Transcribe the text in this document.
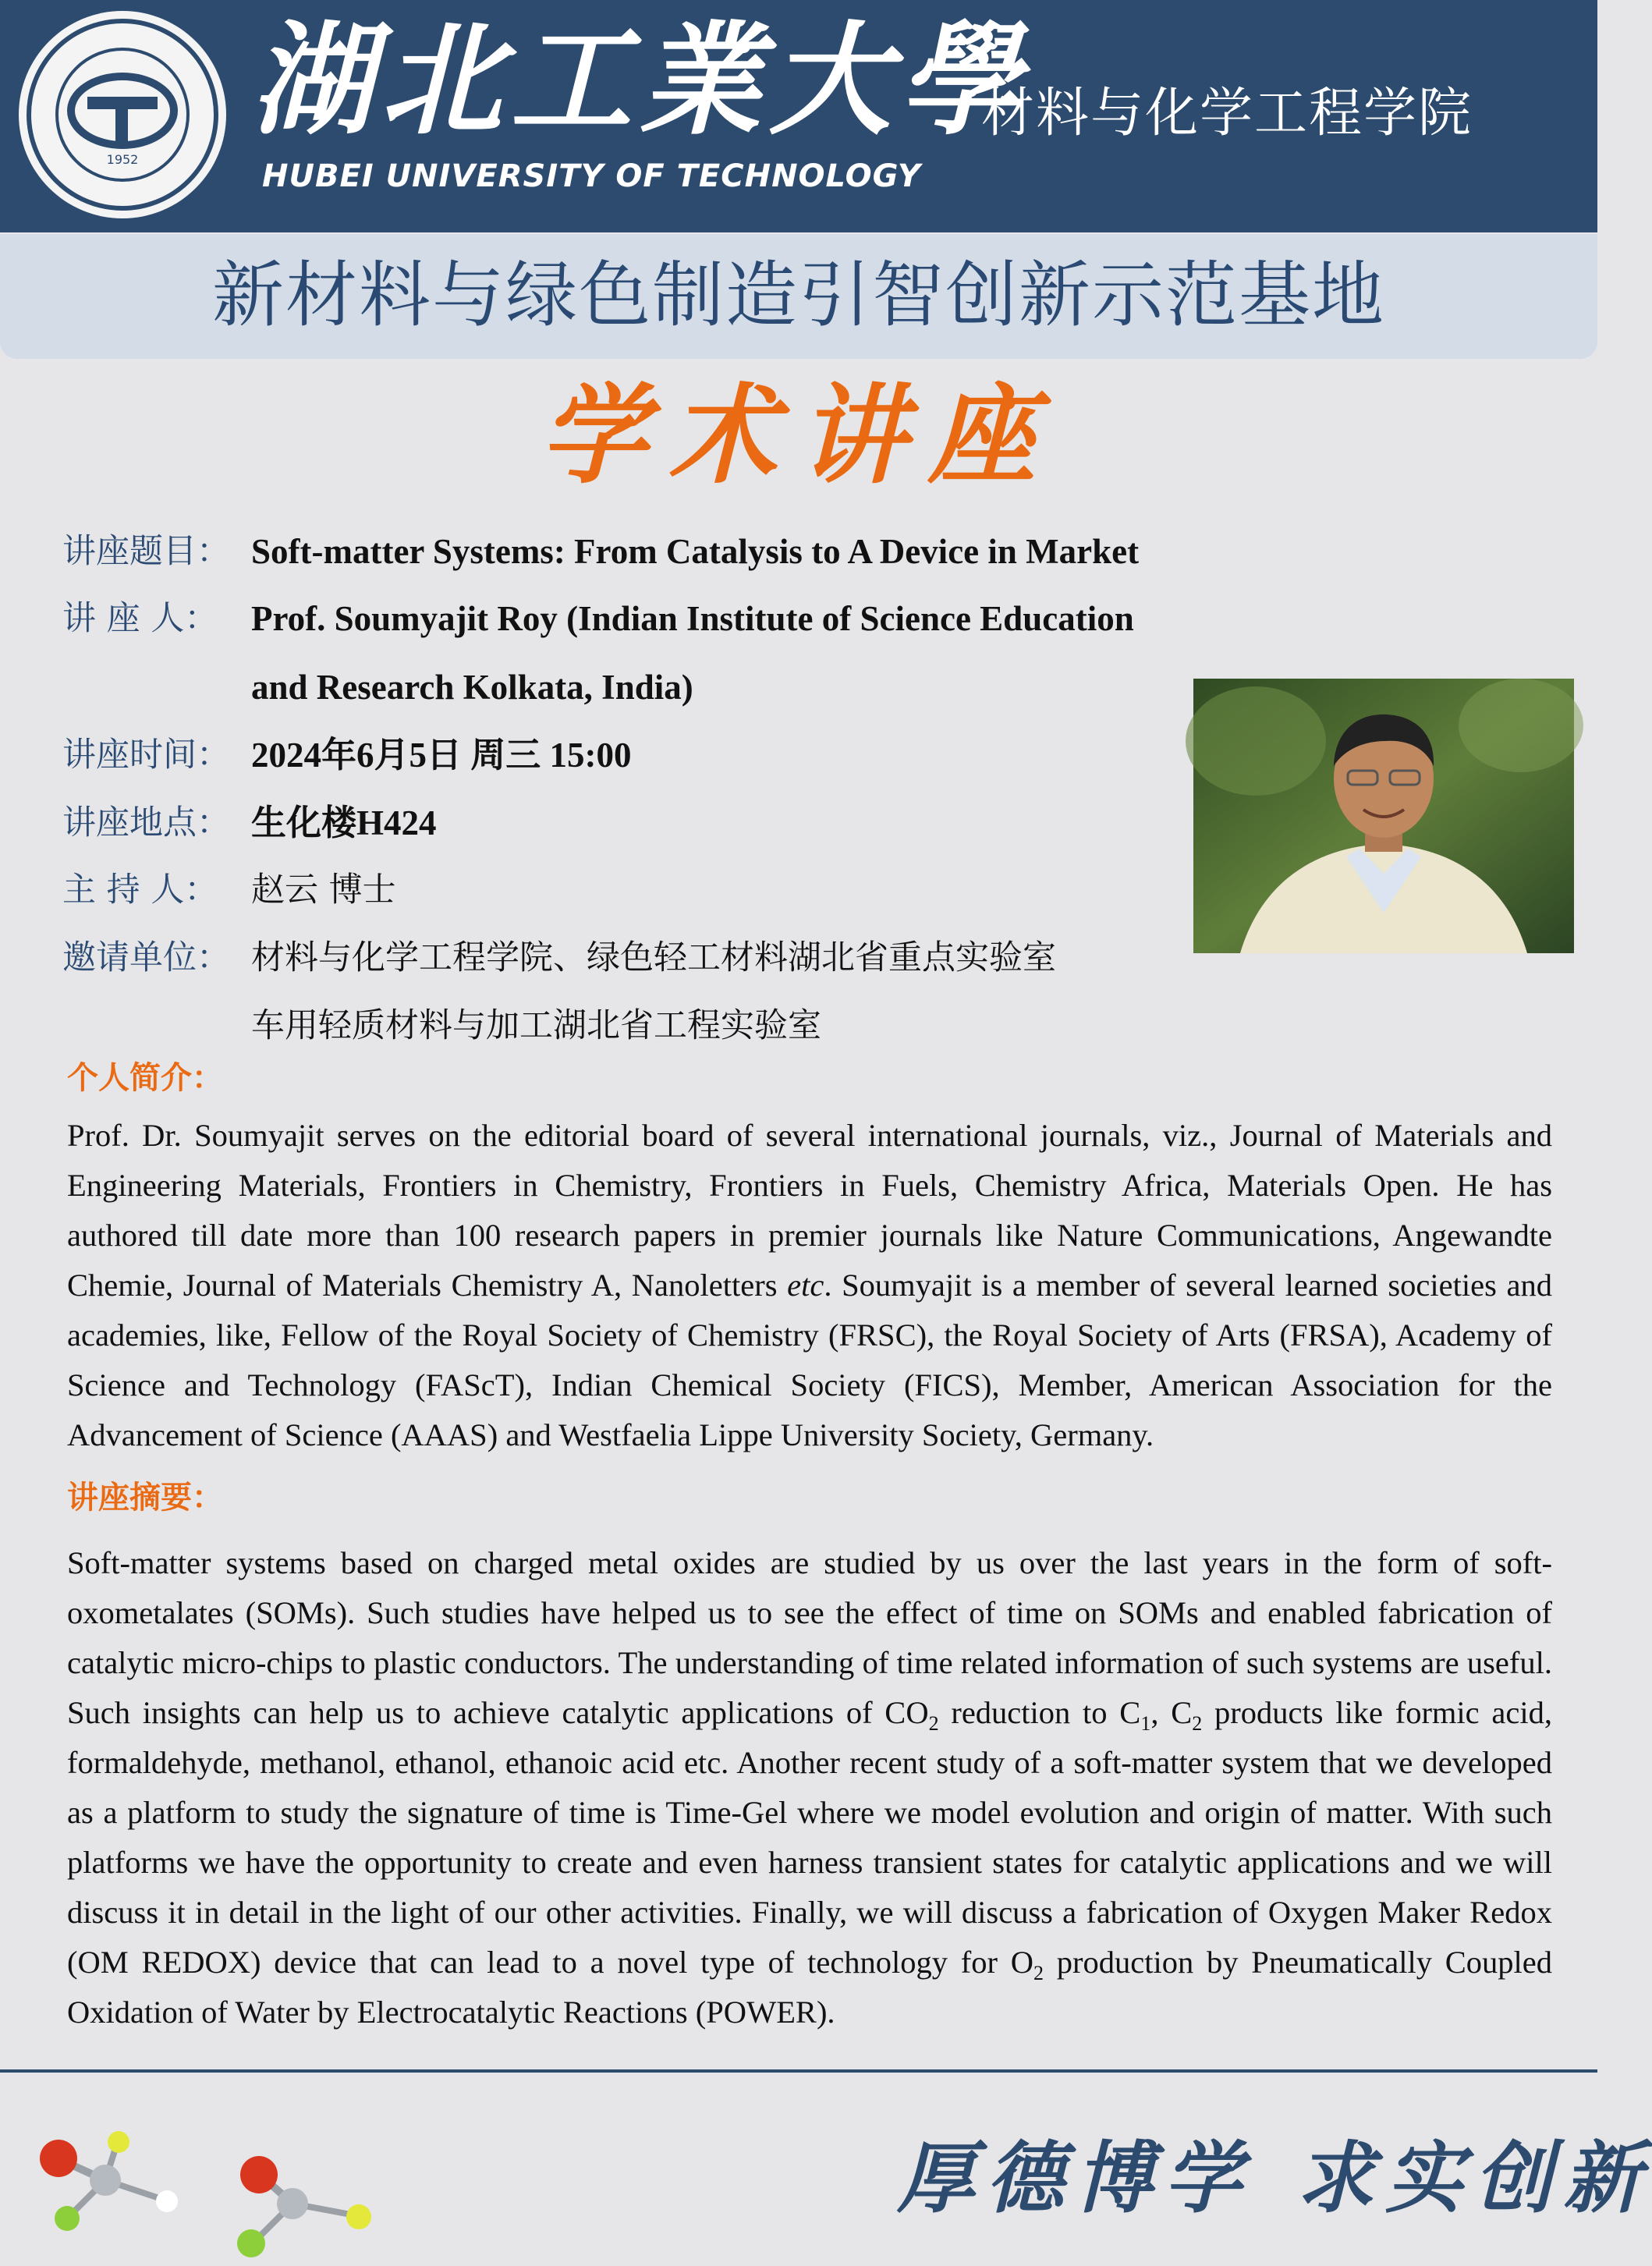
1952
湖北工業大學
HUBEI UNIVERSITY OF TECHNOLOGY
材料与化学工程学院
新材料与绿色制造引智创新示范基地
学术讲座
讲座题目： Soft-matter Systems: From Catalysis to A Device in Market
讲 座 人： Prof. Soumyajit Roy (Indian Institute of Science Education
and Research Kolkata, India)
讲座时间： 2024年6月5日 周三 15:00
讲座地点： 生化楼H424
主 持 人： 赵云 博士
邀请单位： 材料与化学工程学院、绿色轻工材料湖北省重点实验室
车用轻质材料与加工湖北省工程实验室
个人简介：

Prof. Dr. Soumyajit serves on the editorial board of several international journals, viz., Journal of Materials and Engineering Materials, Frontiers in Chemistry, Frontiers in Fuels, Chemistry Africa, Materials Open. He has authored till date more than 100 research papers in premier journals like Nature Communications, Angewandte Chemie, Journal of Materials Chemistry A, Nanoletters etc. Soumyajit is a member of several learned societies and academies, like, Fellow of the Royal Society of Chemistry (FRSC), the Royal Society of Arts (FRSA), Academy of Science and Technology (FAScT), Indian Chemical Society (FICS), Member, American Association for the Advancement of Science (AAAS) and Westfaelia Lippe University Society, Germany.

讲座摘要：

Soft-matter systems based on charged metal oxides are studied by us over the last years in the form of soft-oxometalates (SOMs). Such studies have helped us to see the effect of time on SOMs and enabled fabrication of catalytic micro-chips to plastic conductors. The understanding of time related information of such systems are useful. Such insights can help us to achieve catalytic applications of $CO_2$ reduction to $C_1$, $C_2$ products like formic acid, formaldehyde, methanol, ethanol, ethanoic acid etc. Another recent study of a soft-matter system that we developed as a platform to study the signature of time is Time-Gel where we model evolution and origin of matter. With such platforms we have the opportunity to create and even harness transient states for catalytic applications and we will discuss it in detail in the light of our other activities. Finally, we will discuss a fabrication of Oxygen Maker Redox (OM REDOX) device that can lead to a novel type of technology for $O_2$ production by Pneumatically Coupled Oxidation of Water by Electrocatalytic Reactions (POWER).

厚德博学 求实创新
